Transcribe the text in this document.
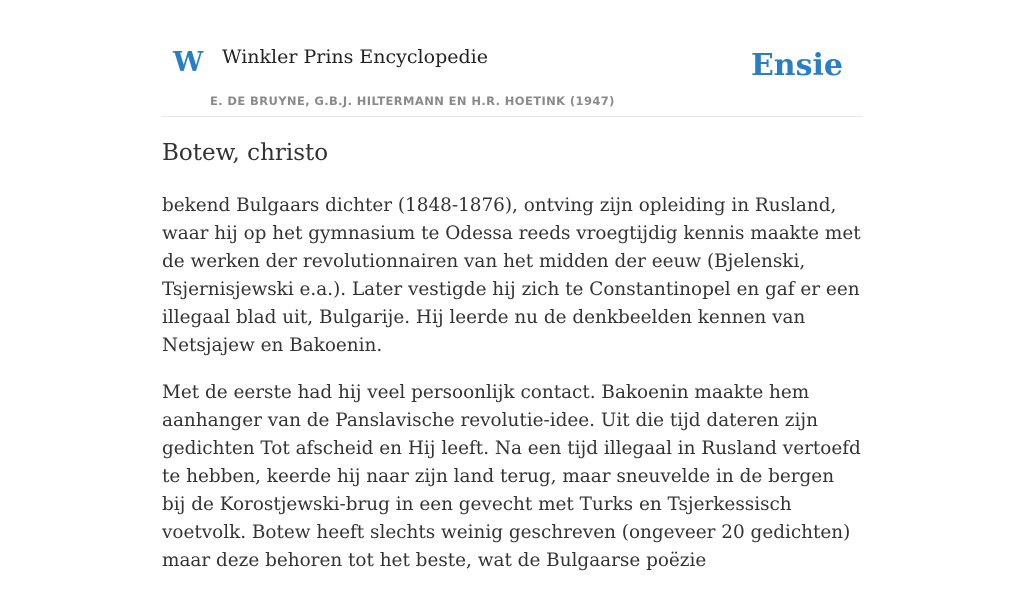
W Winkler Prins Encyclopedie
E. DE BRUYNE, G.B.J. HILTERMANN EN H.R. HOETINK (1947)
Ensie
Botew, christo

bekend Bulgaars dichter (1848-1876), ontving zijn opleiding in Rusland, waar hij op het gymnasium te Odessa reeds vroegtijdig kennis maakte met de werken der revolutionnairen van het midden der eeuw (Bjelenski, Tsjernisjewski e.a.). Later vestigde hij zich te Constantinopel en gaf er een illegaal blad uit, Bulgarije. Hij leerde nu de denkbeelden kennen van Netsjajew en Bakoenin.

Met de eerste had hij veel persoonlijk contact. Bakoenin maakte hem aanhanger van de Panslavische revolutie-idee. Uit die tijd dateren zijn gedichten Tot afscheid en Hij leeft. Na een tijd illegaal in Rusland vertoefd te hebben, keerde hij naar zijn land terug, maar sneuvelde in de bergen bij de Korostjewski-brug in een gevecht met Turks en Tsjerkessisch voetvolk. Botew heeft slechts weinig geschreven (ongeveer 20 gedichten) maar deze behoren tot het beste, wat de Bulgaarse poëzie
